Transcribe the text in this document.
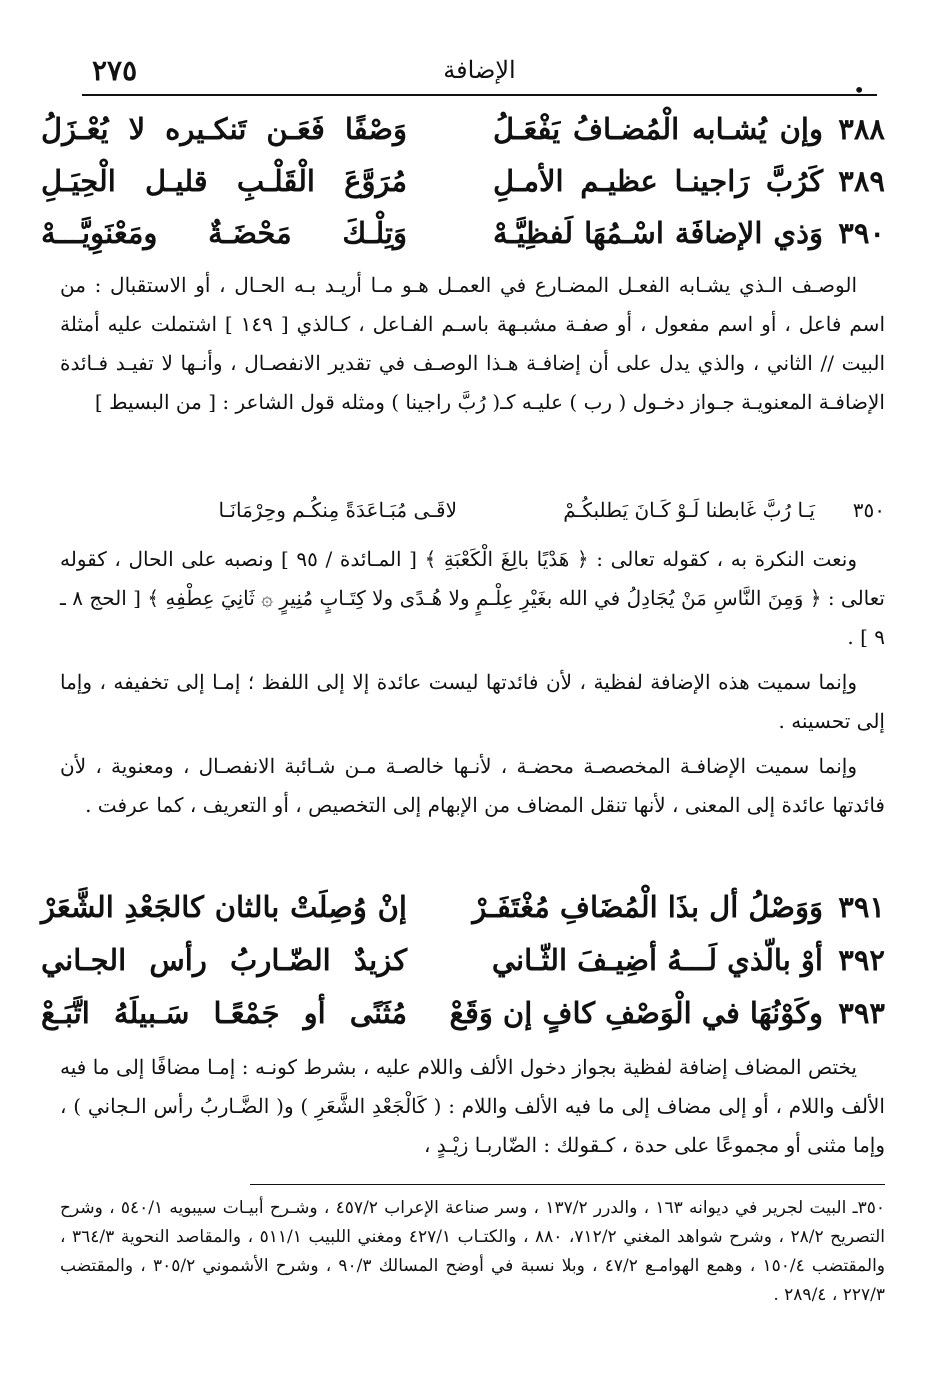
٢٧٥	الإضافة
•
٣٨٨
وإن يُشـابه الْمُضـافُ يَفْعَـلُ
وَصْفًا فَعَـن تَنكـيره لا يُعْـزَلُ
٣٨٩
كَرُبَّ رَاجينـا عظيـم الأمـلِ
مُرَوَّعَ الْقَلْـبِ قليـل الْحِيَـلِ
٣٩٠
وَذي الإضافَة اسْـمُهَا لَفظِيَّـهْ
وَتِلْـكَ مَحْضَـةٌ ومَعْنَوِيَّـــهْ

الوصـف الـذي يشـابه الفعـل المضـارع في العمـل هـو مـا أريـد بـه الحـال ، أو الاستقبال : من اسم فاعل ، أو اسم مفعول ، أو صفـة مشبـهة باسـم الفـاعل ، كـالذي [ ١٤٩ ] اشتملت عليه أمثلة البيت // الثاني ، والذي يدل على أن إضافـة هـذا الوصـف في تقدير الانفصـال ، وأنـها لا تفيـد فـائدة الإضافـة المعنويـة جـواز دخـول ( رب ) عليـه كـ( رُبَّ راجينا ) ومثله قول الشاعر : [ من البسيط ]

٣٥٠
يَـا رُبَّ غَابطنا لَـوْ كَـانَ يَطلبكُـمْ
لاقَـى مُبَـاعَدَةً مِنكُـم وحِرْمَانَـا

ونعت النكرة به ، كقوله تعالى : ﴿ هَدْيًا بالِغَ الْكَعْبَةِ ﴾ [ المـائدة / ٩٥ ] ونصبه على الحال ، كقوله تعالى : ﴿ وَمِنَ النَّاسِ مَنْ يُجَادِلُ في الله بغَيْرِ عِلْـمٍ ولا هُـدًى ولا كِتَـابٍ مُنِيرٍ ۞ ثَانِيَ عِطْفِهِ ﴾ [ الحج ٨ ـ ٩ ] .

وإنما سميت هذه الإضافة لفظية ، لأن فائدتها ليست عائدة إلا إلى اللفظ ؛ إمـا إلى تخفيفه ، وإما إلى تحسينه .

وإنما سميت الإضافـة المخصصـة محضـة ، لأنـها خالصـة مـن شـائبة الانفصـال ، ومعنوية ، لأن فائدتها عائدة إلى المعنى ، لأنها تنقل المضاف من الإبهام إلى التخصيص ، أو التعريف ، كما عرفت .

٣٩١
وَوَصْلُ أل بذَا الْمُضَافِ مُغْتَفَـرْ
إنْ وُصِلَتْ بالثان كالجَعْدِ الشَّعَرْ
٣٩٢
أوْ بالّذي لَـــهُ أضِيـفَ الثّـاني
كزيدٌ الضّـاربُ رأس الجـاني
٣٩٣
وكَوْنُهَا في الْوَصْفِ كافٍ إن وَقَعْ
مُثَنًى أو جَمْعًـا سَـبيلَهُ اتَّبَـعْ

يختص المضاف إضافة لفظية بجواز دخول الألف واللام عليه ، بشرط كونـه : إمـا مضافًا إلى ما فيه الألف واللام ، أو إلى مضاف إلى ما فيه الألف واللام : ( كَالْجَعْدِ الشَّعَرِ ) و( الضَّـاربُ رأس الـجاني ) ، وإما مثنى أو مجموعًا على حدة ، كـقولك : الضّاربـا زيْـدٍ ،

٣٥٠ـ البيت لجرير في ديوانه ١٦٣ ، والدرر ١٣٧/٢ ، وسر صناعة الإعراب ٤٥٧/٢ ، وشـرح أبيـات سيبويه ٥٤٠/١ ، وشرح التصريح ٢٨/٢ ، وشرح شواهد المغني ٧١٢/٢، ٨٨٠ ، والكتـاب ٤٢٧/١ ومغني اللبيب ٥١١/١ ، والمقاصد النحوية ٣٦٤/٣ ، والمقتضب ١٥٠/٤ ، وهمع الهوامـع ٤٧/٢ ، وبلا نسبة في أوضح المسالك ٩٠/٣ ، وشرح الأشموني ٣٠٥/٢ ، والمقتضب ٢٢٧/٣ ، ٢٨٩/٤ .
